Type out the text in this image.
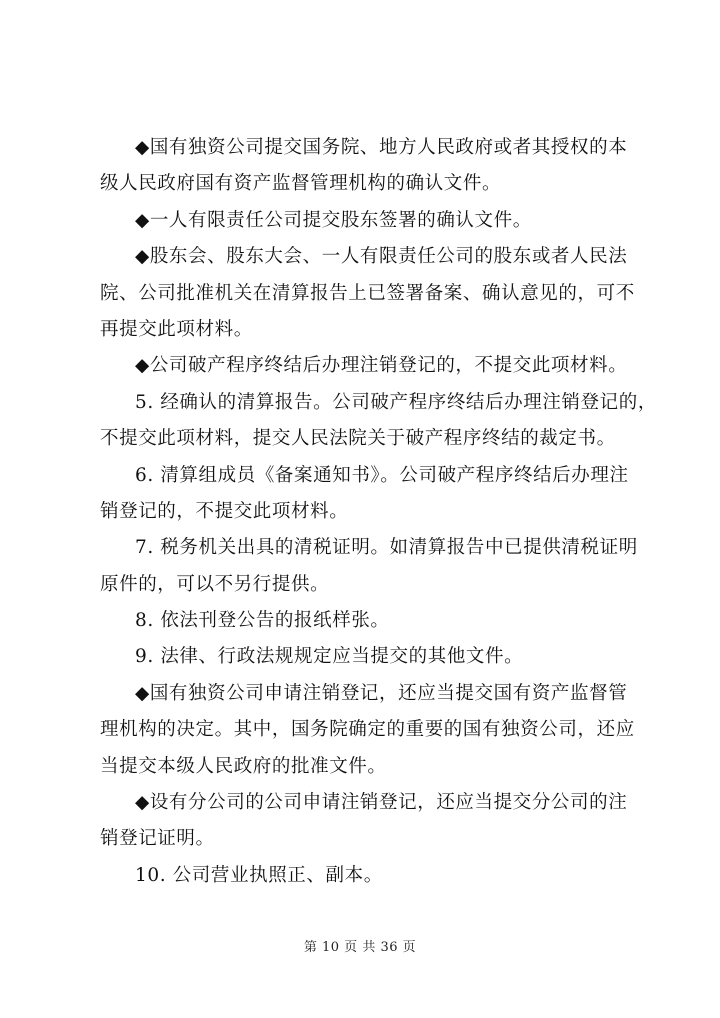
◆国有独资公司提交国务院、地方人民政府或者其授权的本
级人民政府国有资产监督管理机构的确认文件。
◆一人有限责任公司提交股东签署的确认文件。
◆股东会、股东大会、一人有限责任公司的股东或者人民法
院、公司批准机关在清算报告上已签署备案、确认意见的，可不
再提交此项材料。
◆公司破产程序终结后办理注销登记的，不提交此项材料。
5. 经确认的清算报告。公司破产程序终结后办理注销登记的，
不提交此项材料，提交人民法院关于破产程序终结的裁定书。
6. 清算组成员《备案通知书》。公司破产程序终结后办理注
销登记的，不提交此项材料。
7. 税务机关出具的清税证明。如清算报告中已提供清税证明
原件的，可以不另行提供。
8. 依法刊登公告的报纸样张。
9. 法律、行政法规规定应当提交的其他文件。
◆国有独资公司申请注销登记，还应当提交国有资产监督管
理机构的决定。其中，国务院确定的重要的国有独资公司，还应
当提交本级人民政府的批准文件。
◆设有分公司的公司申请注销登记，还应当提交分公司的注
销登记证明。
10. 公司营业执照正、副本。
第 10 页 共 36 页
